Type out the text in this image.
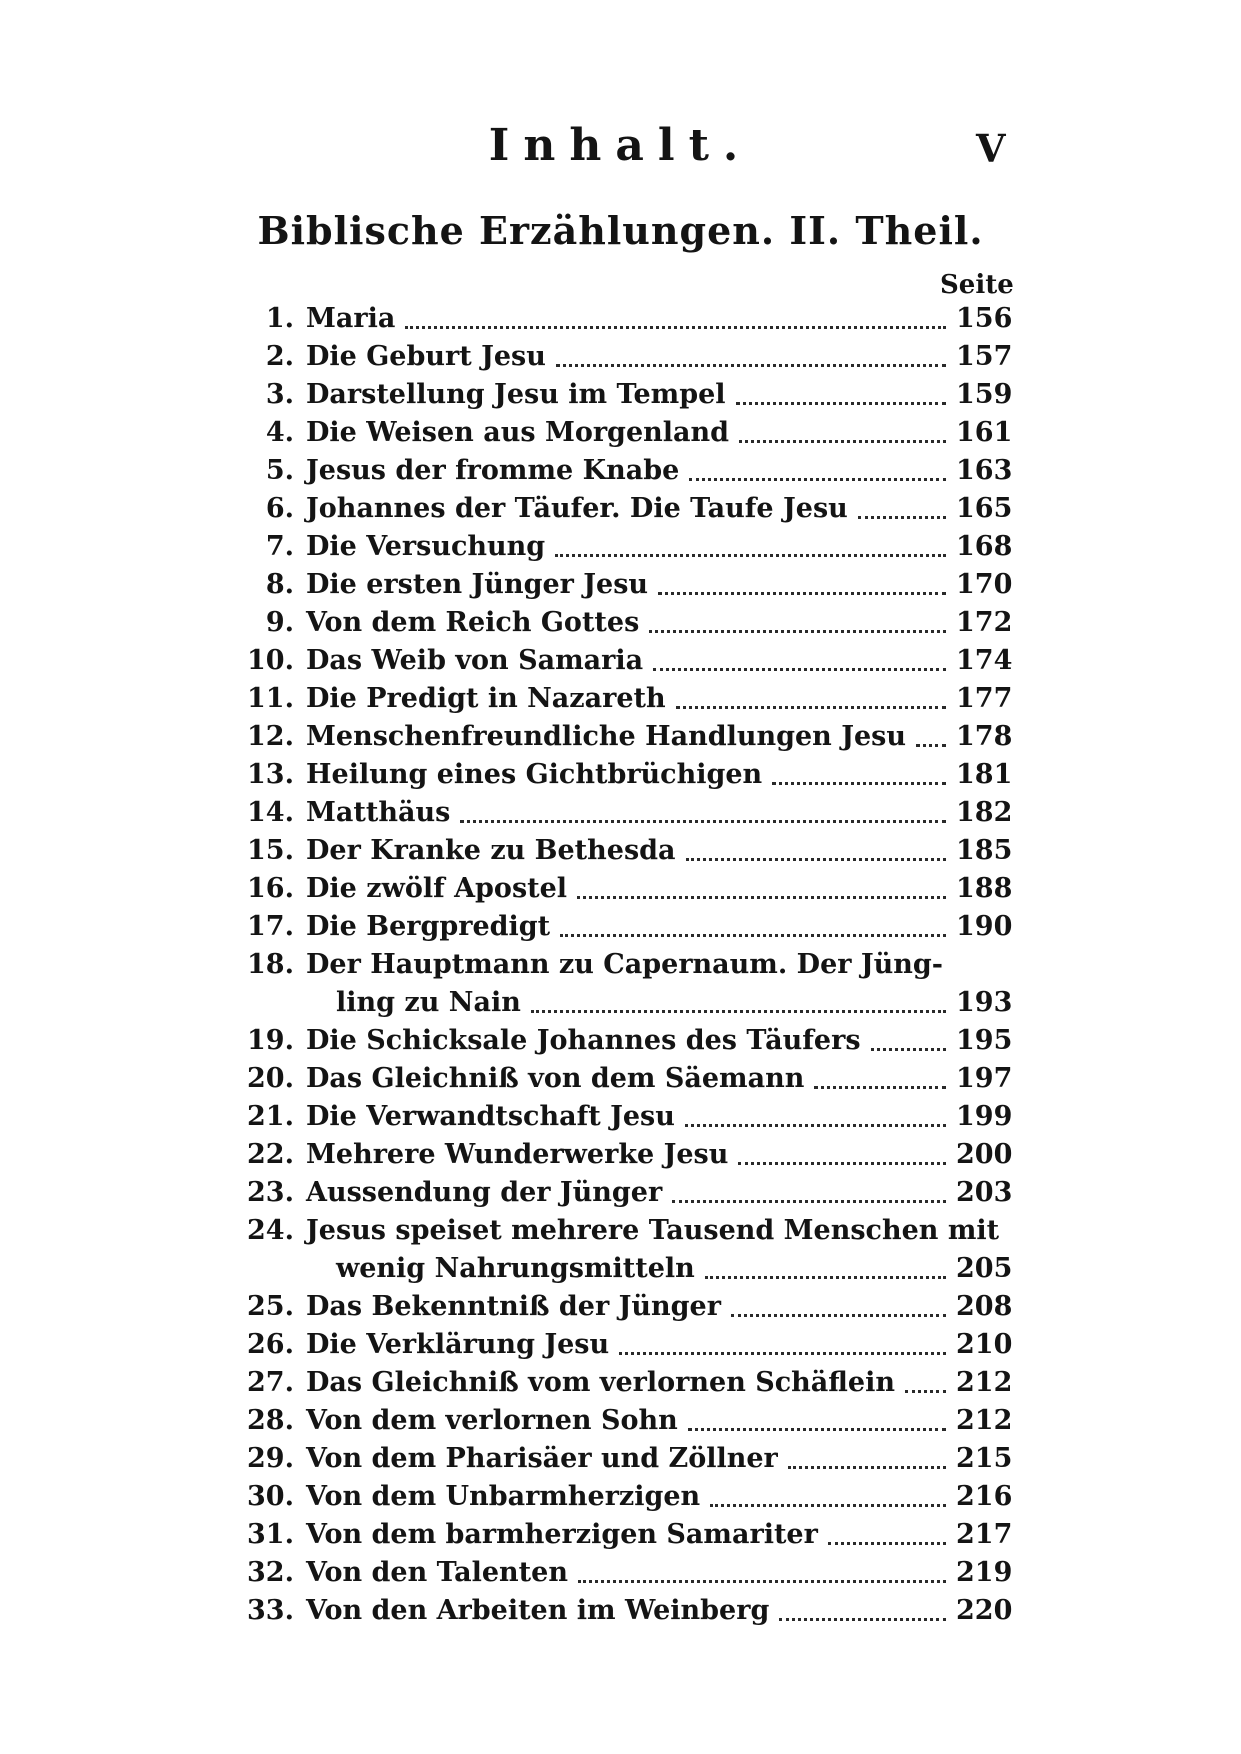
Inhalt.	V
Biblische Erzählungen. II. Theil.
Seite
1. Maria	156
2. Die Geburt Jesu	157
3. Darstellung Jesu im Tempel	159
4. Die Weisen aus Morgenland	161
5. Jesus der fromme Knabe	163
6. Johannes der Täufer. Die Taufe Jesu	165
7. Die Versuchung	168
8. Die ersten Jünger Jesu	170
9. Von dem Reich Gottes	172
10. Das Weib von Samaria	174
11. Die Predigt in Nazareth	177
12. Menschenfreundliche Handlungen Jesu 178
13. Heilung eines Gichtbrüchigen	181
14. Matthäus	182
15. Der Kranke zu Bethesda	185
16. Die zwölf Apostel	188
17. Die Bergpredigt	190
18. Der Hauptmann zu Capernaum. Der Jüng-
ling zu Nain	193
19. Die Schicksale Johannes des Täufers	195
20. Das Gleichniß von dem Säemann	197
21. Die Verwandtschaft Jesu	199
22. Mehrere Wunderwerke Jesu	200
23. Aussendung der Jünger	203
24. Jesus speiset mehrere Tausend Menschen mit
wenig Nahrungsmitteln	205
25. Das Bekenntniß der Jünger	208
26. Die Verklärung Jesu	210
27. Das Gleichniß vom verlornen Schäflein 212
28. Von dem verlornen Sohn	212
29. Von dem Pharisäer und Zöllner	215
30. Von dem Unbarmherzigen	216
31. Von dem barmherzigen Samariter	217
32. Von den Talenten	219
33. Von den Arbeiten im Weinberg	220
